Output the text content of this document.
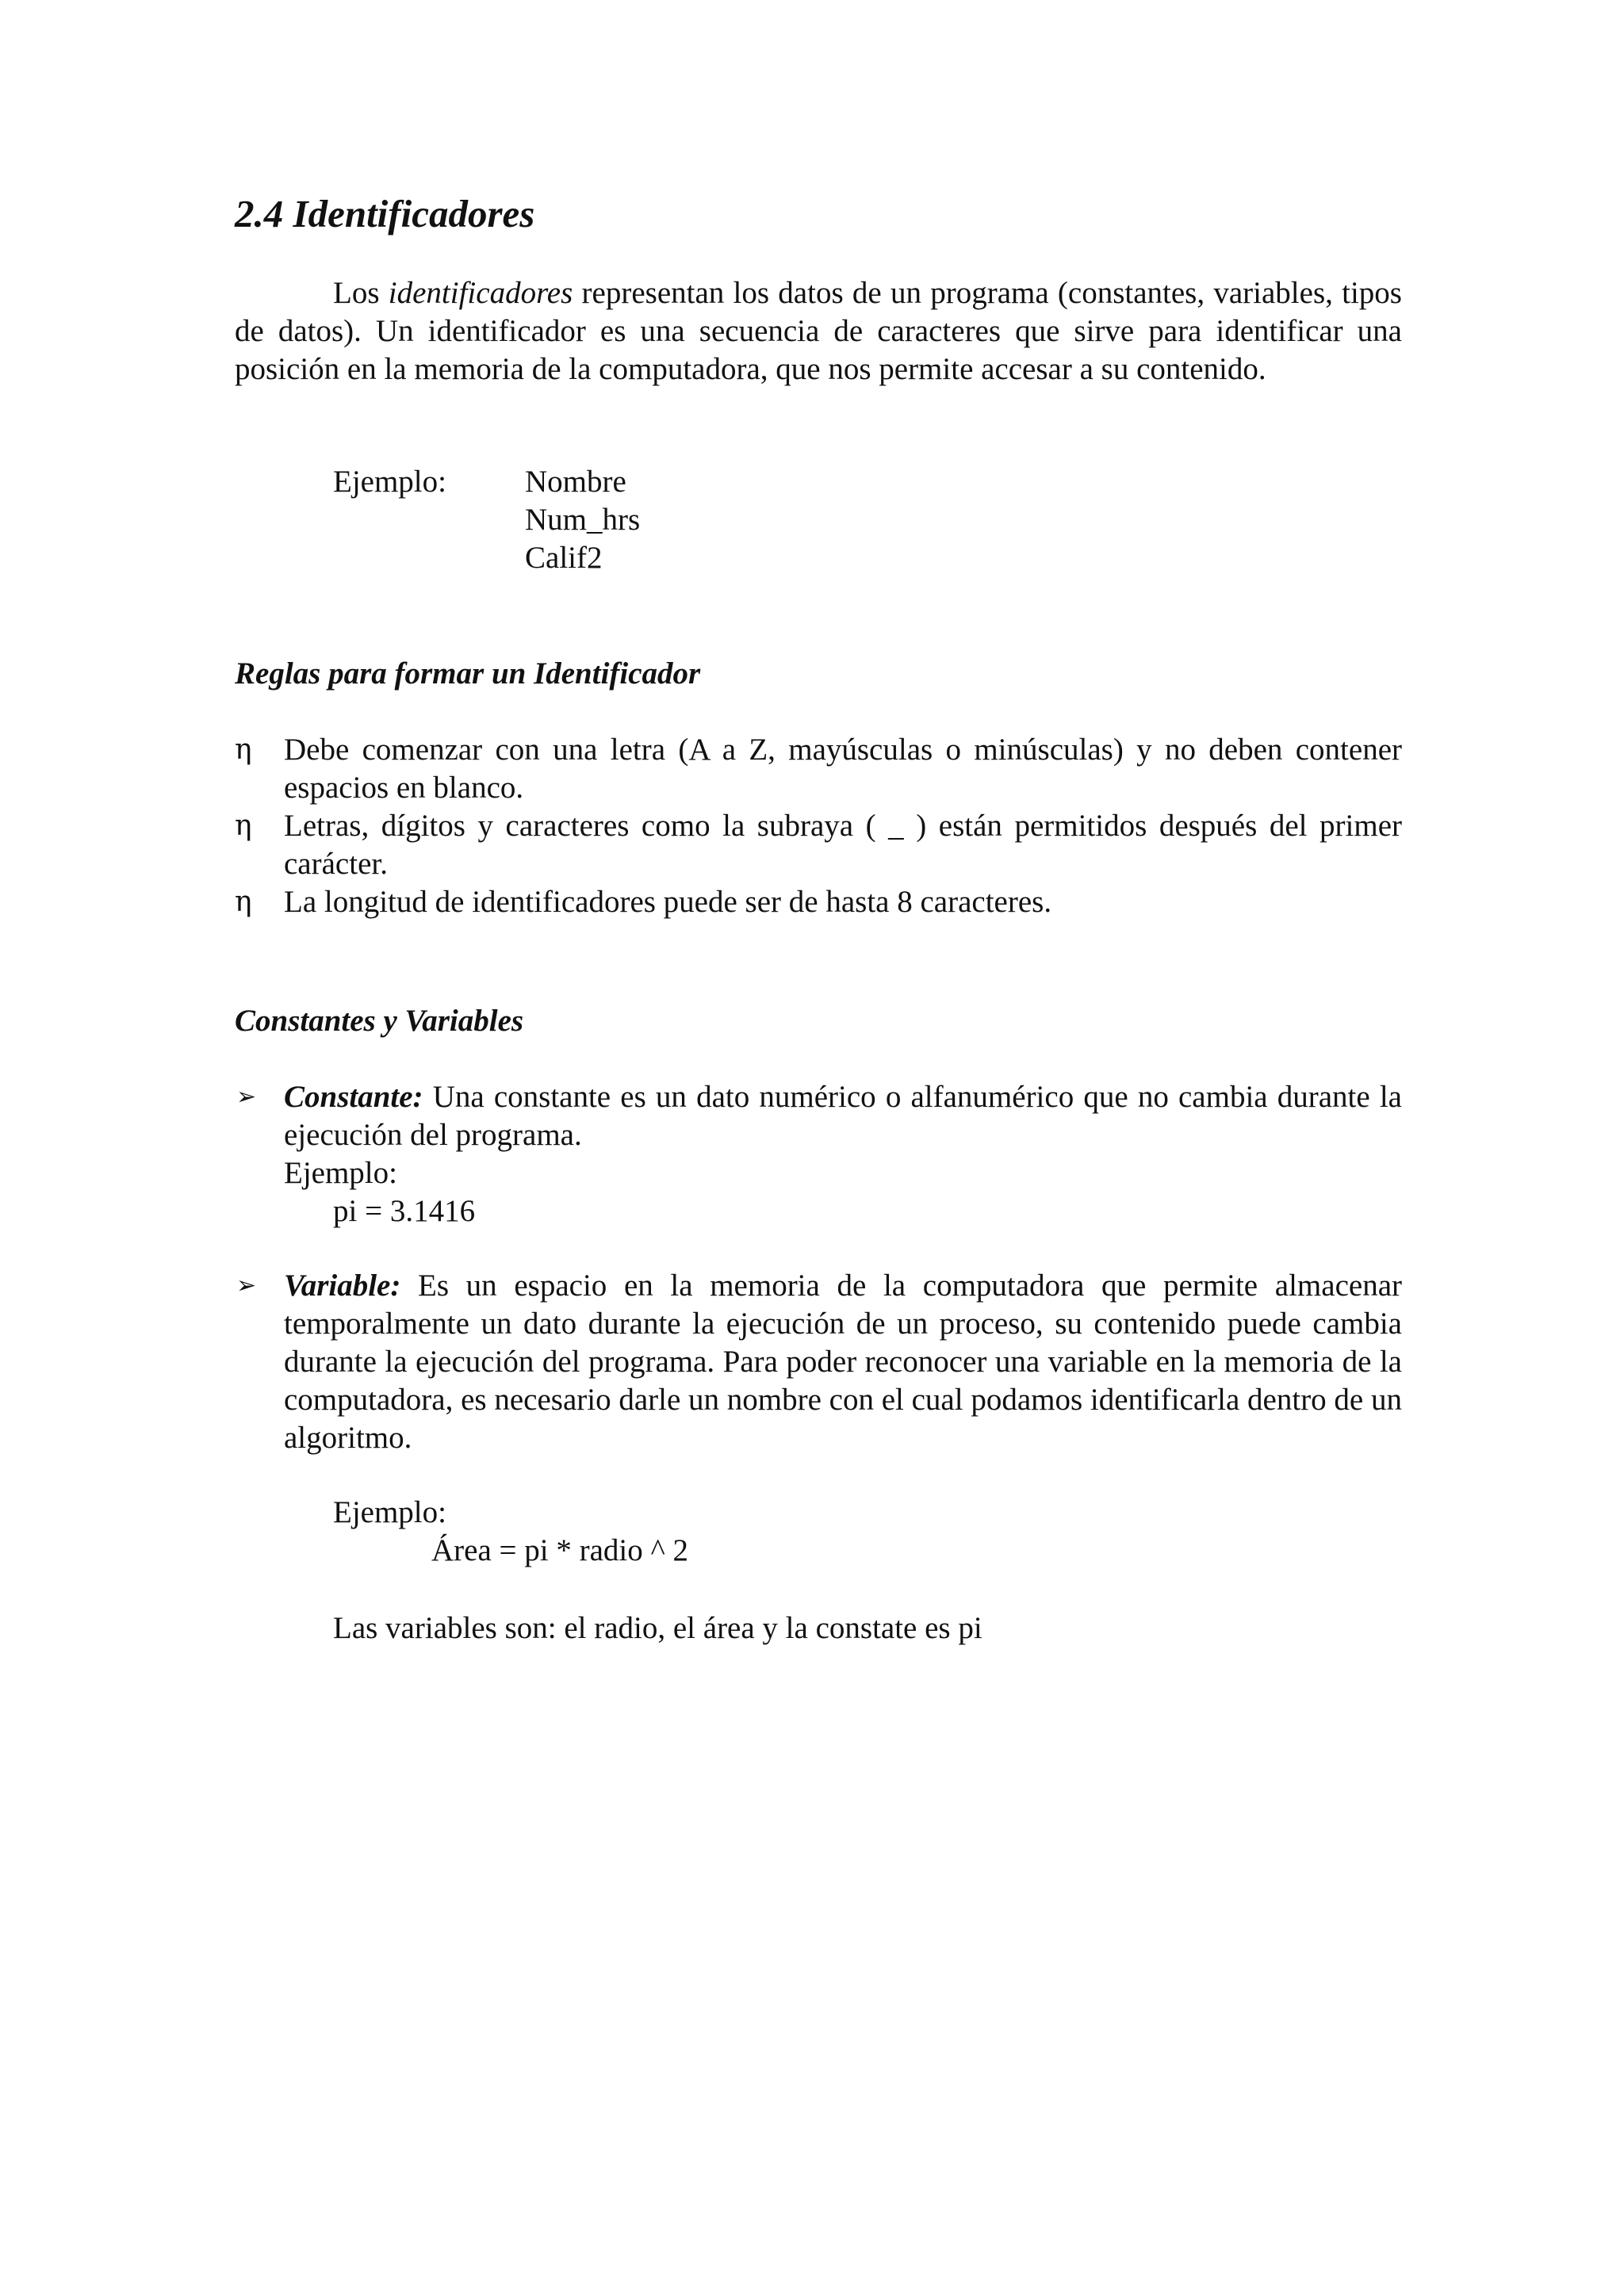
2.4 Identificadores

Los identificadores representan los datos de un programa (constantes, variables, tipos de datos). Un identificador es una secuencia de caracteres que sirve para identificar una posición en la memoria de la computadora, que nos permite accesar a su contenido.

Ejemplo:	Nombre
Num_hrs
Calif2
Reglas para formar un Identificador
η Debe comenzar con una letra (A a Z, mayúsculas o minúsculas) y no deben contener espacios en blanco.
η Letras, dígitos y caracteres como la subraya ( _ ) están permitidos después del primer carácter.
η La longitud de identificadores puede ser de hasta 8 caracteres.
Constantes y Variables
➢ Constante: Una constante es un dato numérico o alfanumérico que no cambia durante la ejecución del programa.
Ejemplo:
pi = 3.1416
➢ Variable: Es un espacio en la memoria de la computadora que permite almacenar temporalmente un dato durante la ejecución de un proceso, su contenido puede cambia durante la ejecución del programa. Para poder reconocer una variable en la memoria de la computadora, es necesario darle un nombre con el cual podamos identificarla dentro de un algoritmo.
Ejemplo:
Área = pi * radio ^ 2
Las variables son: el radio, el área y la constate es pi
